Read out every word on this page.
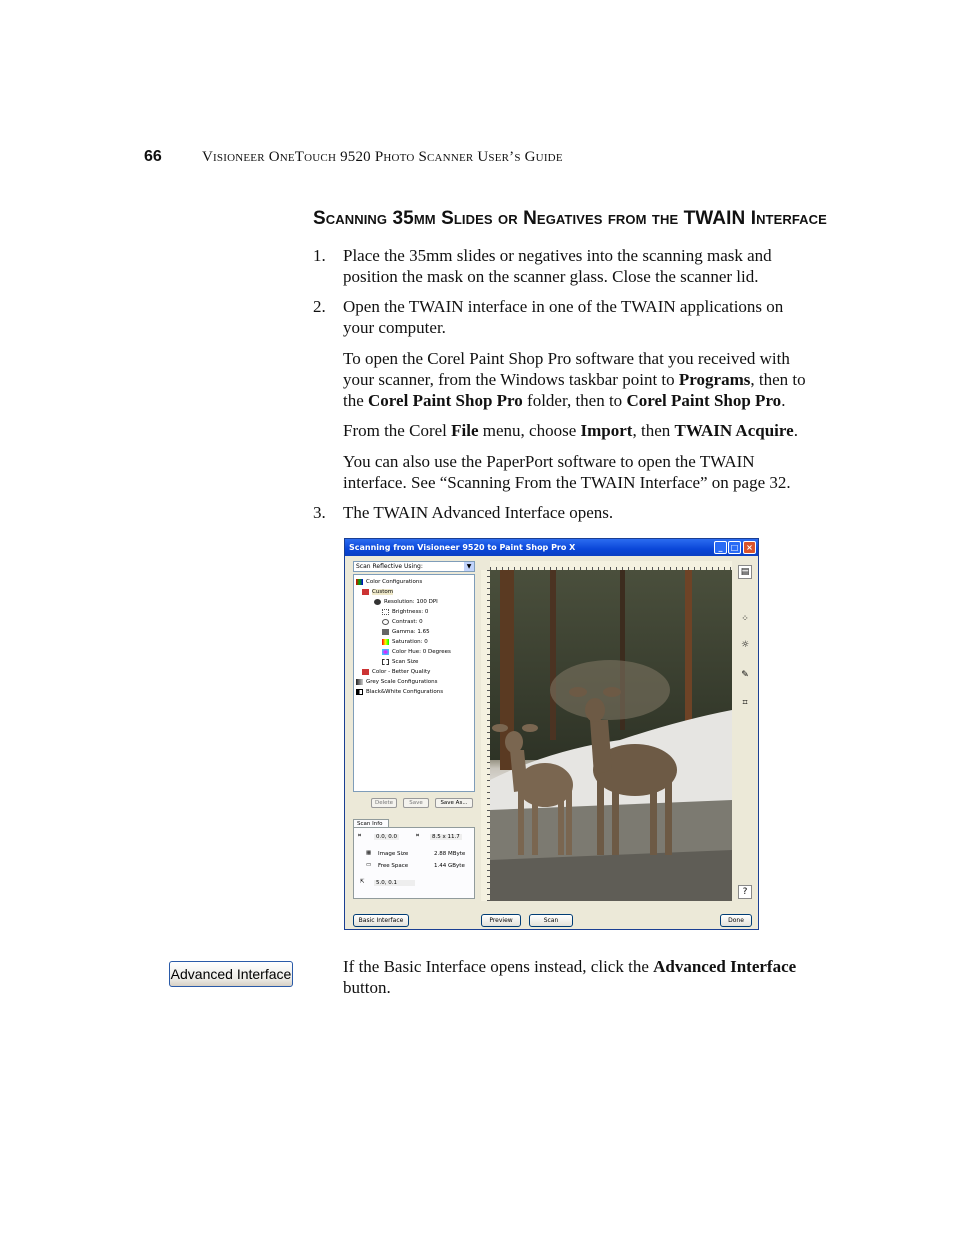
66	Visioneer OneTouch 9520 Photo Scanner User’s Guide
Scanning 35mm Slides or Negatives from the TWAIN Interface
1. Place the 35mm slides or negatives into the scanning mask and position the mask on the scanner glass. Close the scanner lid.
2. Open the TWAIN interface in one of the TWAIN applications on your computer.
To open the Corel Paint Shop Pro software that you received with your scanner, from the Windows taskbar point to Programs, then to the Corel Paint Shop Pro folder, then to Corel Paint Shop Pro.
From the Corel File menu, choose Import, then TWAIN Acquire.
You can also use the PaperPort software to open the TWAIN interface. See “Scanning From the TWAIN Interface” on page 32.
3. The TWAIN Advanced Interface opens.
Scanning from Visioneer 9520 to Paint Shop Pro X	_	□ ×
Scan Reflective Using:	▼
Color Configurations
Custom
Resolution: 100 DPI
Brightness: 0
Contrast: 0
Gamma: 1.65
Saturation: 0
Color Hue: 0 Degrees
Scan Size
Color - Better Quality
Grey Scale Configurations
Black&White Configurations
Delete	Save	Save As...
Scan Info
⌗	0.0, 0.0	⌗	8.5 x 11.7
▦ Image Size	2.88 MByte
▭ Free Space	1.44 GByte
⇱	5.0, 0.1
▤
⁘
☼
✎
⌗
?
Basic Interface	Preview	Scan	Done
Advanced Interface	If the Basic Interface opens instead, click the Advanced Interface button.
